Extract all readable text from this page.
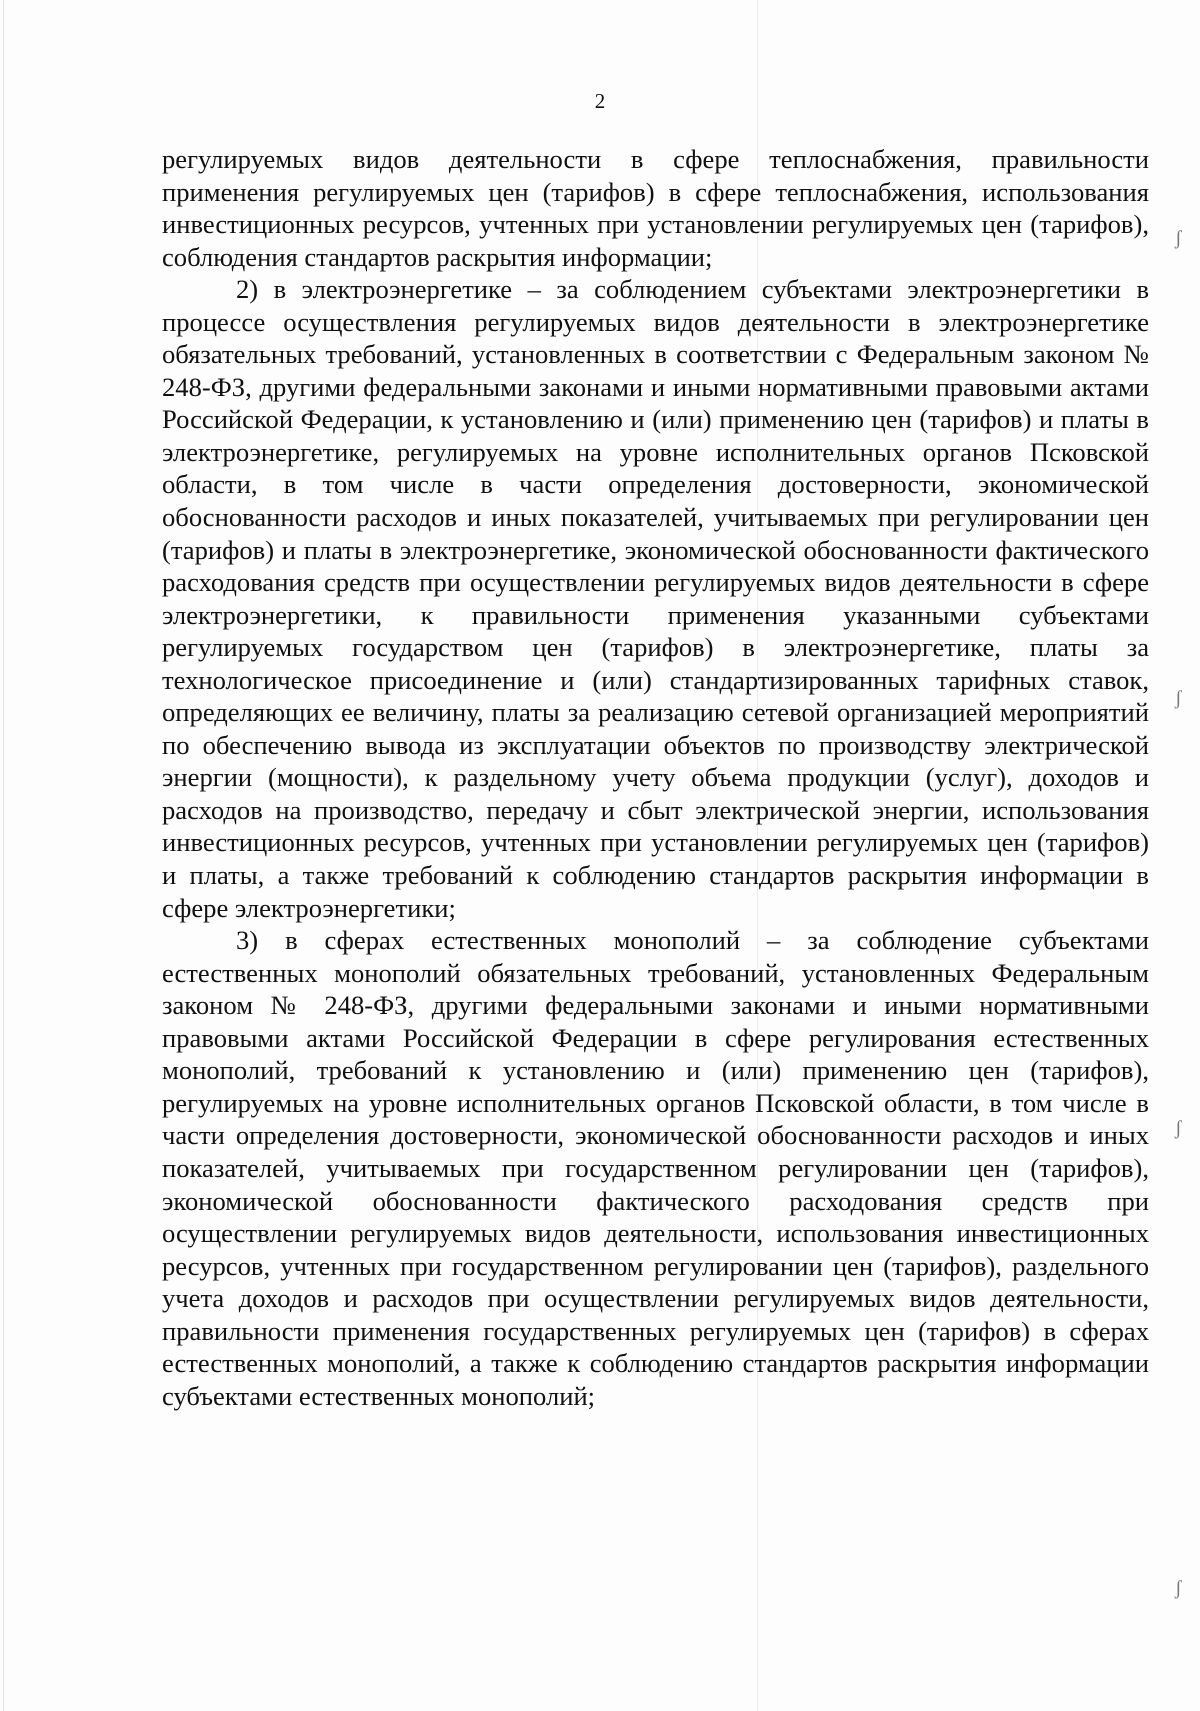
ʃ
ʃ
ʃ
ʃ
2

регулируемых видов деятельности в сфере теплоснабжения, правильности применения регулируемых цен (тарифов) в сфере теплоснабжения, использования инвестиционных ресурсов, учтенных при установлении регулируемых цен (тарифов), соблюдения стандартов раскрытия информации;

2) в электроэнергетике – за соблюдением субъектами электроэнергетики в процессе осуществления регулируемых видов деятельности в электроэнергетике обязательных требований, установленных в соответствии с Федеральным законом № 248-ФЗ, другими федеральными законами и иными нормативными правовыми актами Российской Федерации, к установлению и (или) применению цен (тарифов) и платы в электроэнергетике, регулируемых на уровне исполнительных органов Псковской области, в том числе в части определения достоверности, экономической обоснованности расходов и иных показателей, учитываемых при регулировании цен (тарифов) и платы в электроэнергетике, экономической обоснованности фактического расходования средств при осуществлении регулируемых видов деятельности в сфере электроэнергетики, к правильности применения указанными субъектами регулируемых государством цен (тарифов) в электроэнергетике, платы за технологическое присоединение и (или) стандартизированных тарифных ставок, определяющих ее величину, платы за реализацию сетевой организацией мероприятий по обеспечению вывода из эксплуатации объектов по производству электрической энергии (мощности), к раздельному учету объема продукции (услуг), доходов и расходов на производство, передачу и сбыт электрической энергии, использования инвестиционных ресурсов, учтенных при установлении регулируемых цен (тарифов) и платы, а также требований к соблюдению стандартов раскрытия информации в сфере электроэнергетики;

3) в сферах естественных монополий – за соблюдение субъектами естественных монополий обязательных требований, установленных Федеральным законом № 248-ФЗ, другими федеральными законами и иными нормативными правовыми актами Российской Федерации в сфере регулирования естественных монополий, требований к установлению и (или) применению цен (тарифов), регулируемых на уровне исполнительных органов Псковской области, в том числе в части определения достоверности, экономической обоснованности расходов и иных показателей, учитываемых при государственном регулировании цен (тарифов), экономической обоснованности фактического расходования средств при осуществлении регулируемых видов деятельности, использования инвестиционных ресурсов, учтенных при государственном регулировании цен (тарифов), раздельного учета доходов и расходов при осуществлении регулируемых видов деятельности, правильности применения государственных регулируемых цен (тарифов) в сферах естественных монополий, а также к соблюдению стандартов раскрытия информации субъектами естественных монополий;
